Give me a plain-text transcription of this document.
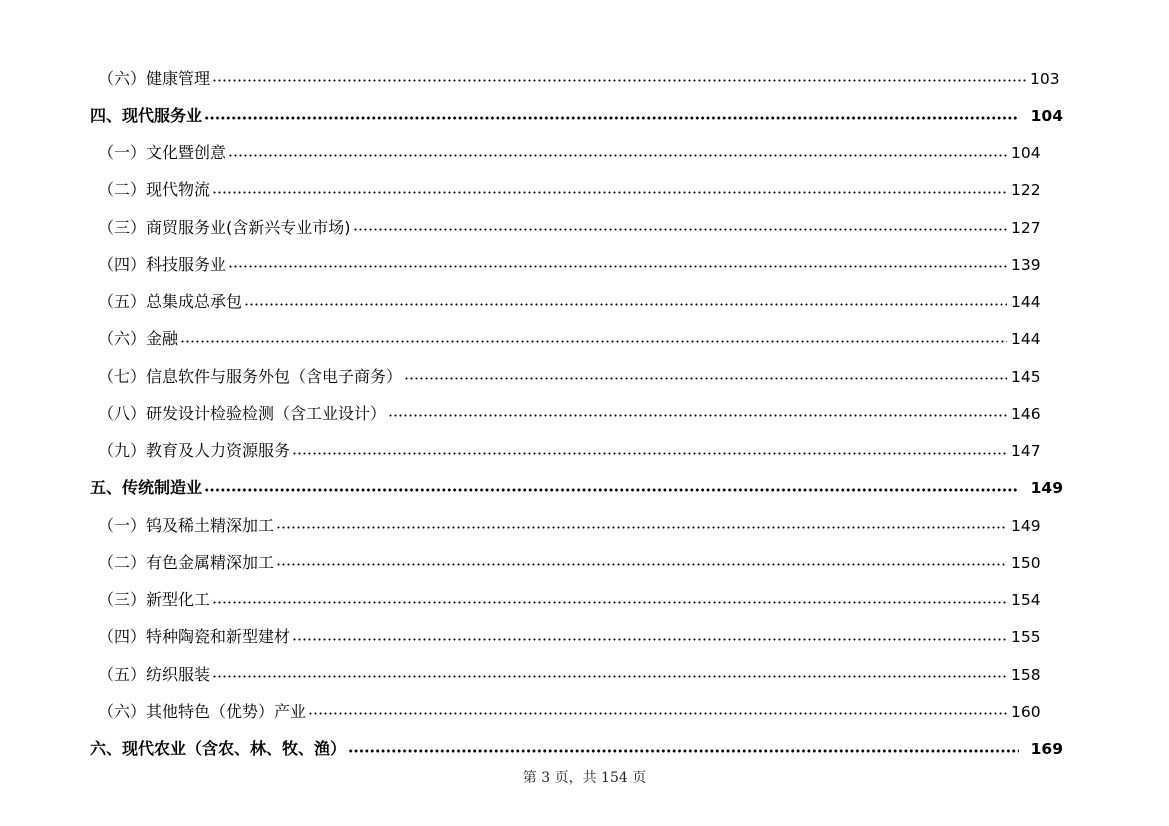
（六）健康管理	103
四、现代服务业	104
（一）文化暨创意	104
（二）现代物流	122
（三）商贸服务业(含新兴专业市场)	127
（四）科技服务业	139
（五）总集成总承包	144
（六）金融	144
（七）信息软件与服务外包（含电子商务）	145
（八）研发设计检验检测（含工业设计）	146
（九）教育及人力资源服务	147
五、传统制造业	149
（一）钨及稀土精深加工	149
（二）有色金属精深加工	150
（三）新型化工	154
（四）特种陶瓷和新型建材	155
（五）纺织服装	158
（六）其他特色（优势）产业	160
六、现代农业（含农、林、牧、渔）	169
第 3 页，共 154 页
